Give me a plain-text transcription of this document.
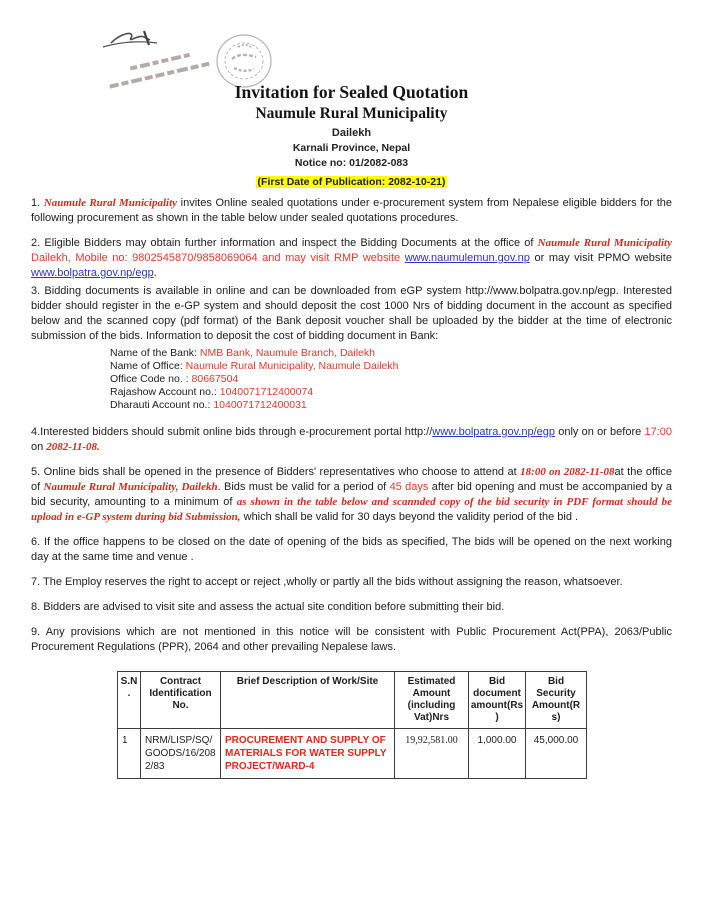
Invitation for Sealed Quotation
Naumule Rural Municipality
Dailekh
Karnali Province, Nepal
Notice no: 01/2082-083
(First Date of Publication: 2082-10-21)

1. Naumule Rural Municipality invites Online sealed quotations under e-procurement system from Nepalese eligible bidders for the following procurement as shown in the table below under sealed quotations procedures.

2. Eligible Bidders may obtain further information and inspect the Bidding Documents at the office of Naumule Rural Municipality Dailekh, Mobile no: 9802545870/9858069064 and may visit RMP website www.naumulemun.gov.np or may visit PPMO website www.bolpatra.gov.np/egp.

3. Bidding documents is available in online and can be downloaded from eGP system http://www.bolpatra.gov.np/egp. Interested bidder should register in the e-GP system and should deposit the cost 1000 Nrs of bidding document in the account as specified below and the scanned copy (pdf format) of the Bank deposit voucher shall be uploaded by the bidder at the time of electronic submission of the bids. Information to deposit the cost of bidding document in Bank:

Name of the Bank: NMB Bank, Naumule Branch, Dailekh
Name of Office: Naumule Rural Municipality, Naumule Dailekh
Office Code no. : 80667504
Rajashow Account no.: 1040071712400074
Dharauti Account no.: 1040071712400031

4.Interested bidders should submit online bids through e-procurement portal http://www.bolpatra.gov.np/egp only on or before 17:00 on 2082-11-08.

5. Online bids shall be opened in the presence of Bidders' representatives who choose to attend at 18:00 on 2082-11-08at the office of Naumule Rural Municipality, Dailekh. Bids must be valid for a period of 45 days after bid opening and must be accompanied by a bid security, amounting to a minimum of as shown in the table below and scannded copy of the bid security in PDF format should be upload in e-GP system during bid Submission, which shall be valid for 30 days beyond the validity period of the bid .

6. If the office happens to be closed on the date of opening of the bids as specified, The bids will be opened on the next working day at the same time and venue .

7. The Employ reserves the right to accept or reject ,wholly or partly all the bids without assigning the reason, whatsoever.

8. Bidders are advised to visit site and assess the actual site condition before submitting their bid.

9. Any provisions which are not mentioned in this notice will be consistent with Public Procurement Act(PPA), 2063/Public Procurement Regulations (PPR), 2064 and other prevailing Nepalese laws.

S.N .	Contract Identification No.	Brief Description of Work/Site	Estimated Amount (including Vat)Nrs	Bid document amount(Rs )	Bid Security Amount(R s)
1	NRM/LISP/SQ/GOODS/16/2082/83	PROCUREMENT AND SUPPLY OF MATERIALS FOR WATER SUPPLY PROJECT/WARD-4	19,92,581.00	1,000.00	45,000.00
